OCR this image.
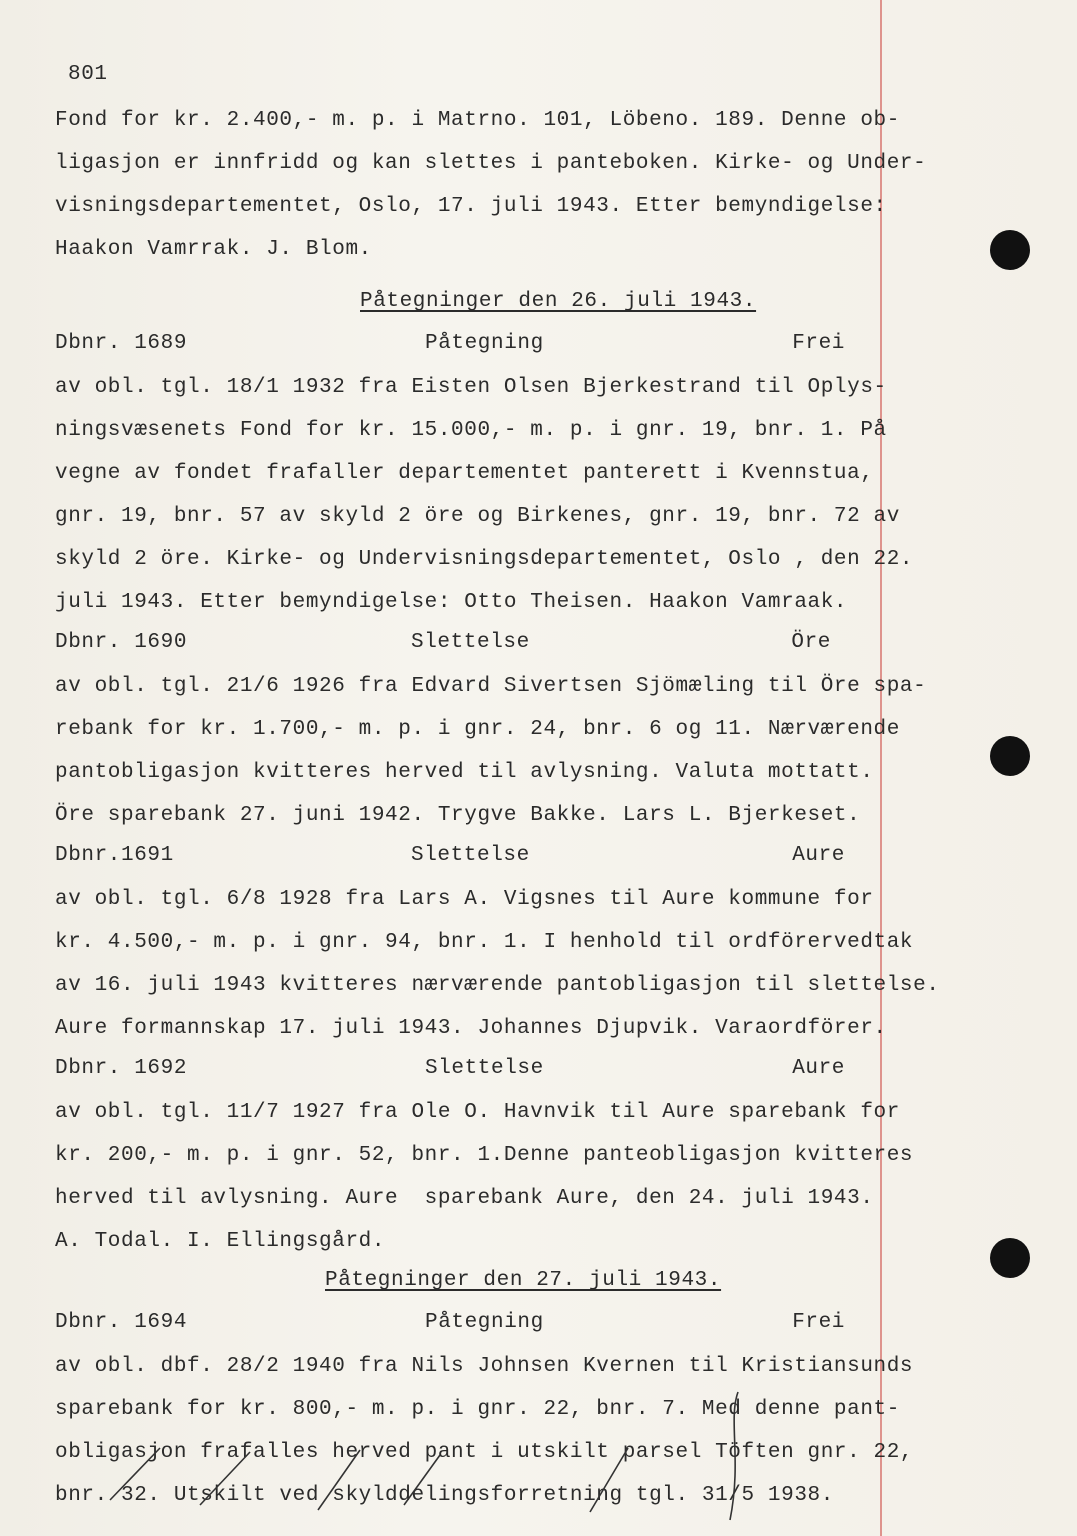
801
Fond for kr. 2.400,- m. p. i Matrno. 101, Löbeno. 189. Denne ob-
ligasjon er innfridd og kan slettes i panteboken. Kirke- og Under-
visningsdepartementet, Oslo, 17. juli 1943. Etter bemyndigelse:
Haakon Vamrrak. J. Blom.
Påtegninger den 26. juli 1943.
Dbnr. 1689	Påtegning	Frei
av obl. tgl. 18/1 1932 fra Eisten Olsen Bjerkestrand til Oplys-
ningsvæsenets Fond for kr. 15.000,- m. p. i gnr. 19, bnr. 1. På
vegne av fondet frafaller departementet panterett i Kvennstua,
gnr. 19, bnr. 57 av skyld 2 öre og Birkenes, gnr. 19, bnr. 72 av
skyld 2 öre. Kirke- og Undervisningsdepartementet, Oslo , den 22.
juli 1943. Etter bemyndigelse: Otto Theisen. Haakon Vamraak.
Dbnr. 1690	Slettelse	Öre
av obl. tgl. 21/6 1926 fra Edvard Sivertsen Sjömæling til Öre spa-
rebank for kr. 1.700,- m. p. i gnr. 24, bnr. 6 og 11. Nærværende
pantobligasjon kvitteres herved til avlysning. Valuta mottatt.
Öre sparebank 27. juni 1942. Trygve Bakke. Lars L. Bjerkeset.
Dbnr.1691	Slettelse	Aure
av obl. tgl. 6/8 1928 fra Lars A. Vigsnes til Aure kommune for
kr. 4.500,- m. p. i gnr. 94, bnr. 1. I henhold til ordförervedtak
av 16. juli 1943 kvitteres nærværende pantobligasjon til slettelse.
Aure formannskap 17. juli 1943. Johannes Djupvik. Varaordförer.
Dbnr. 1692	Slettelse	Aure
av obl. tgl. 11/7 1927 fra Ole O. Havnvik til Aure sparebank for
kr. 200,- m. p. i gnr. 52, bnr. 1.Denne panteobligasjon kvitteres
herved til avlysning. Aure  sparebank Aure, den 24. juli 1943.
A. Todal. I. Ellingsgård.
Påtegninger den 27. juli 1943.
Dbnr. 1694	Påtegning	Frei
av obl. dbf. 28/2 1940 fra Nils Johnsen Kvernen til Kristiansunds
sparebank for kr. 800,- m. p. i gnr. 22, bnr. 7. Med denne pant-
obligasjon frafalles herved pant i utskilt parsel Töften gnr. 22,
bnr. 32. Utskilt ved skylddelingsforretning tgl. 31/5 1938.
